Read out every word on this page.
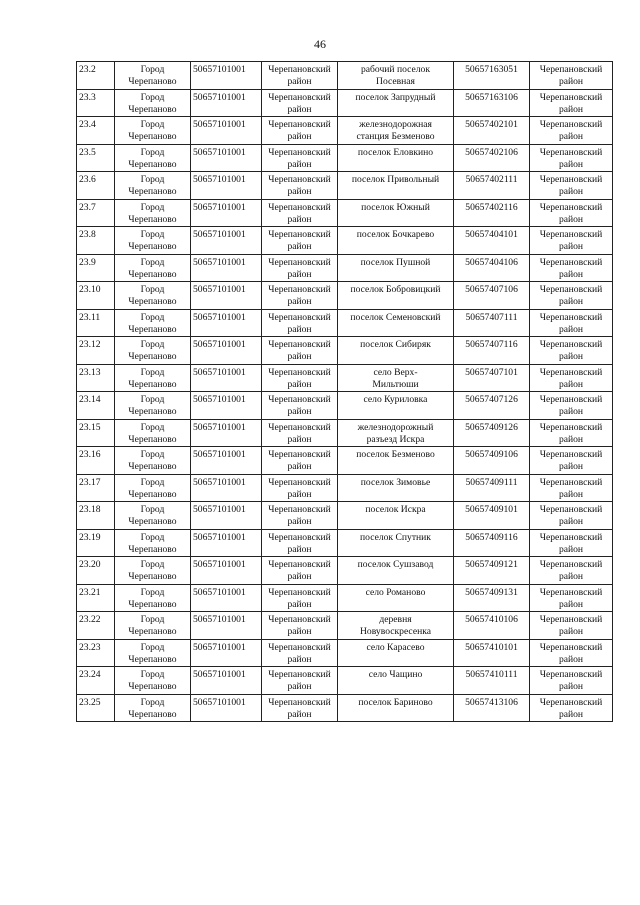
46
23.2	Город
Черепаново	50657101001	Черепановский
район	рабочий поселок
Посевная	50657163051	Черепановский
район

23.3	Город
Черепаново	50657101001	Черепановский
район	поселок Запрудный	50657163106	Черепановский
район

23.4	Город
Черепаново	50657101001	Черепановский
район	железнодорожная
станция Безменово	50657402101	Черепановский
район

23.5	Город
Черепаново	50657101001	Черепановский
район	поселок Еловкино	50657402106	Черепановский
район

23.6	Город
Черепаново	50657101001	Черепановский
район	поселок Привольный	50657402111	Черепановский
район

23.7	Город
Черепаново	50657101001	Черепановский
район	поселок Южный	50657402116	Черепановский
район

23.8	Город
Черепаново	50657101001	Черепановский
район	поселок Бочкарево	50657404101	Черепановский
район

23.9	Город
Черепаново	50657101001	Черепановский
район	поселок Пушной	50657404106	Черепановский
район

23.10	Город
Черепаново	50657101001	Черепановский
район	поселок Бобровицкий	50657407106	Черепановский
район

23.11	Город
Черепаново	50657101001	Черепановский
район	поселок Семеновский	50657407111	Черепановский
район

23.12	Город
Черепаново	50657101001	Черепановский
район	поселок Сибиряк	50657407116	Черепановский
район

23.13	Город
Черепаново	50657101001	Черепановский
район	село Верх-
Мильтюши	50657407101	Черепановский
район

23.14	Город
Черепаново	50657101001	Черепановский
район	село Куриловка	50657407126	Черепановский
район

23.15	Город
Черепаново	50657101001	Черепановский
район	железнодорожный
разъезд Искра	50657409126	Черепановский
район

23.16	Город
Черепаново	50657101001	Черепановский
район	поселок Безменово	50657409106	Черепановский
район

23.17	Город
Черепаново	50657101001	Черепановский
район	поселок Зимовье	50657409111	Черепановский
район

23.18	Город
Черепаново	50657101001	Черепановский
район	поселок Искра	50657409101	Черепановский
район

23.19	Город
Черепаново	50657101001	Черепановский
район	поселок Спутник	50657409116	Черепановский
район

23.20	Город
Черепаново	50657101001	Черепановский
район	поселок Сушзавод	50657409121	Черепановский
район

23.21	Город
Черепаново	50657101001	Черепановский
район	село Романово	50657409131	Черепановский
район

23.22	Город
Черепаново	50657101001	Черепановский
район	деревня
Новувоскресенка	50657410106	Черепановский
район

23.23	Город
Черепаново	50657101001	Черепановский
район	село Карасево	50657410101	Черепановский
район

23.24	Город
Черепаново	50657101001	Черепановский
район	село Чащино	50657410111	Черепановский
район

23.25	Город
Черепаново	50657101001	Черепановский
район	поселок Бариново	50657413106	Черепановский
район
